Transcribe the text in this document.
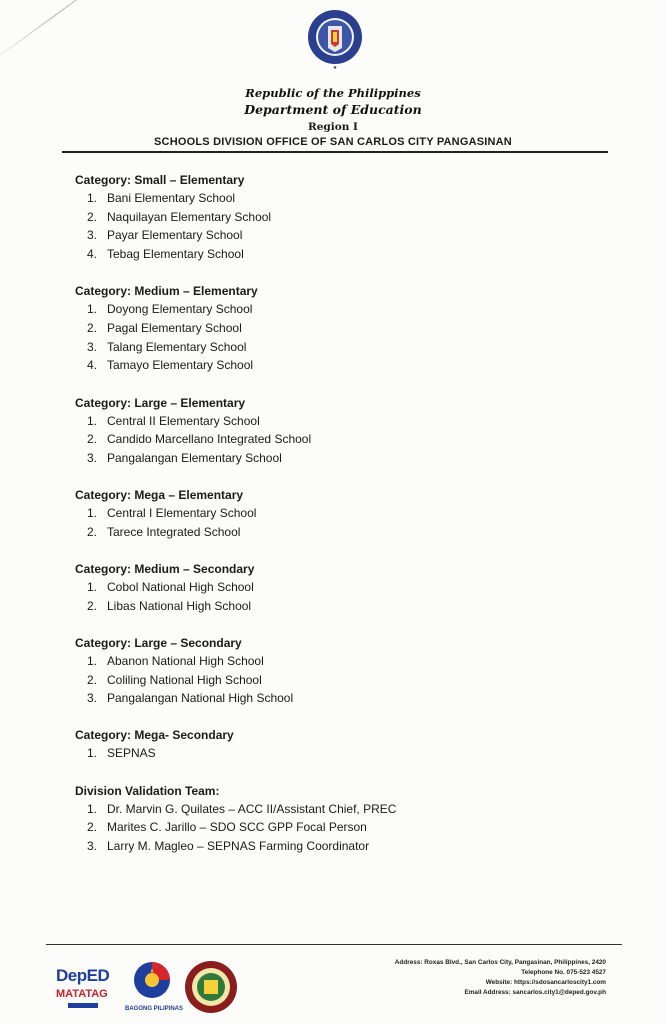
★
Republic of the Philippines
Department of Education
Region I
SCHOOLS DIVISION OFFICE OF SAN CARLOS CITY PANGASINAN
Category: Small – Elementary
1. Bani Elementary School
2. Naquilayan Elementary School
3. Payar Elementary School
4. Tebag Elementary School
Category: Medium – Elementary
1. Doyong Elementary School
2. Pagal Elementary School
3. Talang Elementary School
4. Tamayo Elementary School
Category: Large – Elementary
1. Central II Elementary School
2. Candido Marcellano Integrated School
3. Pangalangan Elementary School
Category: Mega – Elementary
1. Central I Elementary School
2. Tarece Integrated School
Category: Medium – Secondary
1. Cobol National High School
2. Libas National High School
Category: Large – Secondary
1. Abanon National High School
2. Coliling National High School
3. Pangalangan National High School
Category: Mega- Secondary
1. SEPNAS
Division Validation Team:
1. Dr. Marvin G. Quilates – ACC II/Assistant Chief, PREC
2. Marites C. Jarillo – SDO SCC GPP Focal Person
3. Larry M. Magleo – SEPNAS Farming Coordinator
DepED
MATATAG
BAGONG PILIPINAS
Address: Roxas Blvd., San Carlos City, Pangasinan, Philippines, 2420
Telephone No. 075-523 4527
Website: https://sdosancarloscity1.com
Email Address: sancarlos.city1@deped.gov.ph
